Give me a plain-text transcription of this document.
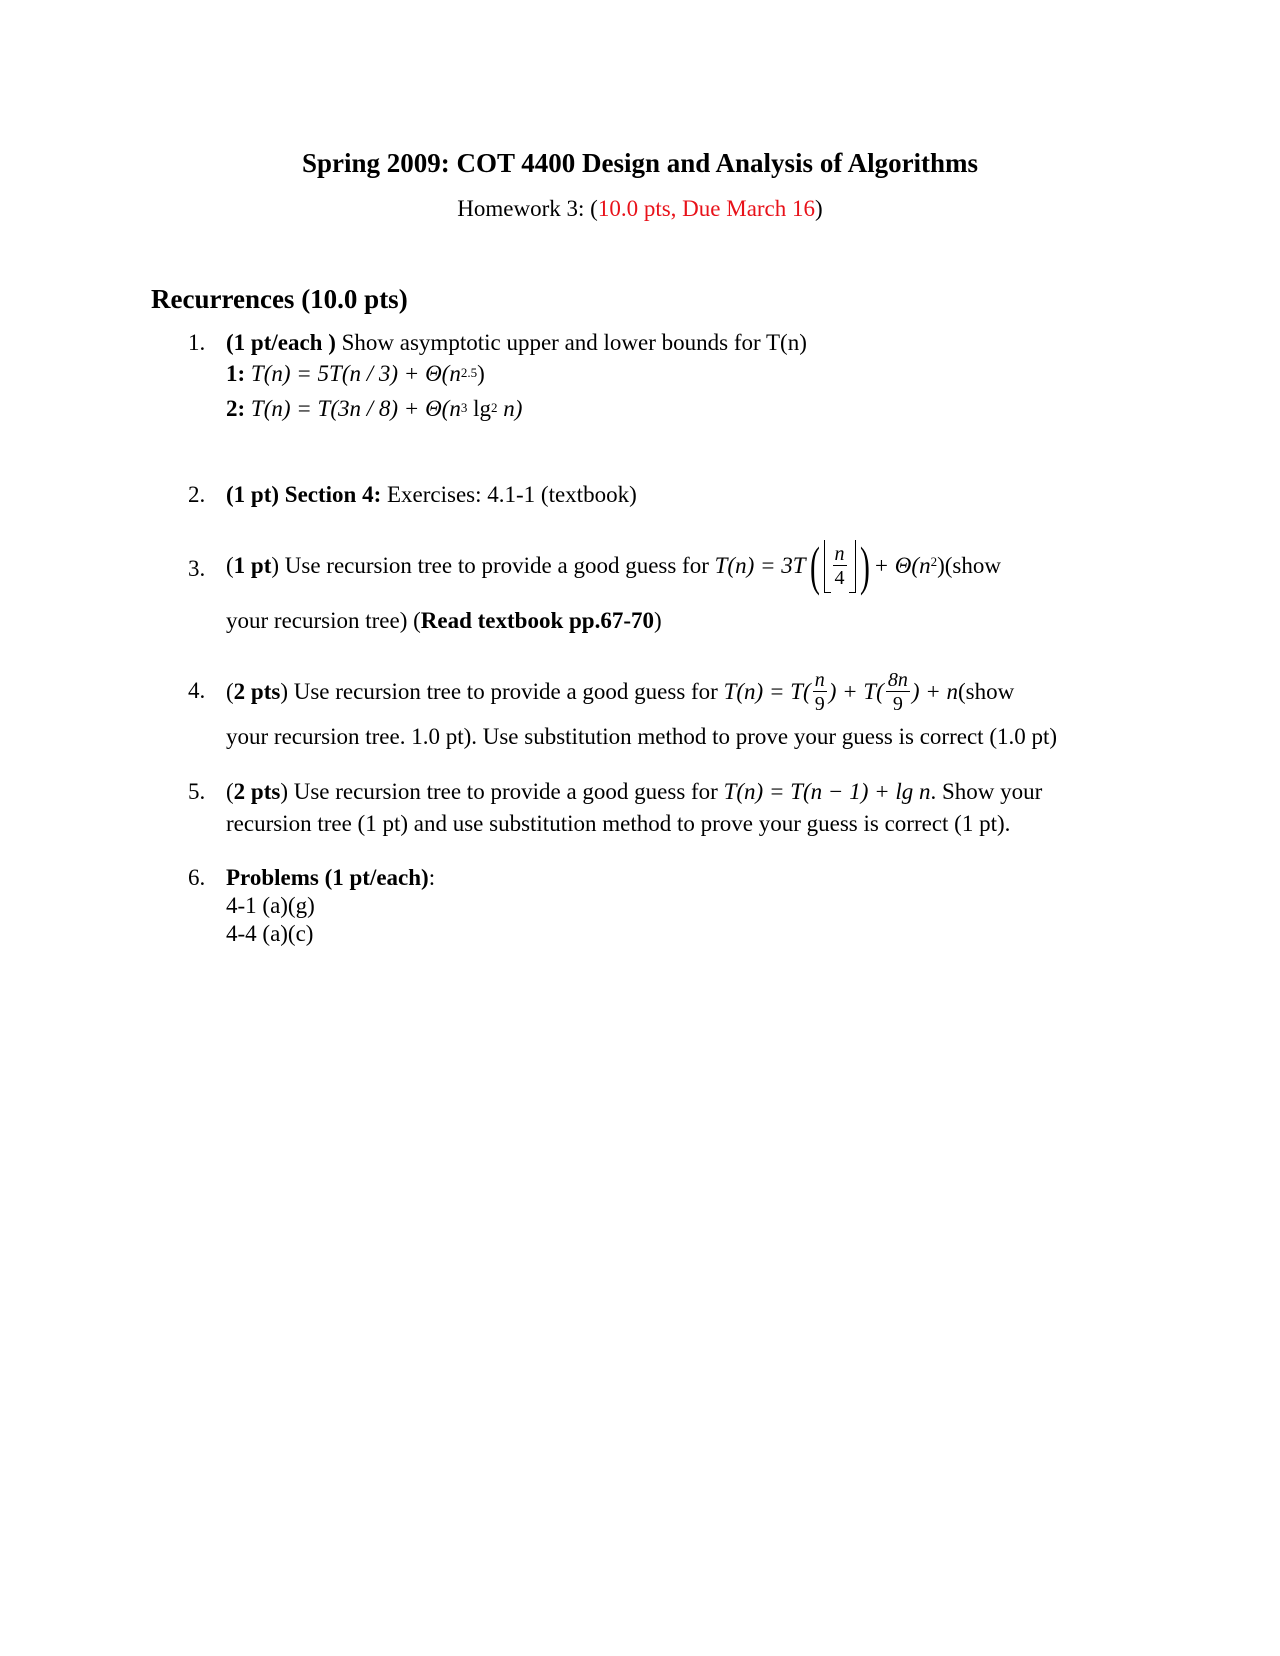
Spring 2009: COT 4400 Design and Analysis of Algorithms
Homework 3: (10.0 pts, Due March 16)
Recurrences (10.0 pts)
1. (1 pt/each ) Show asymptotic upper and lower bounds for T(n)
1: $T(n) = 5T(n / 3) + \Theta(n^{2.5})$
2: $T(n) = T(3n / 8) + \Theta(n^3$ $\lg^2 n$)
2. (1 pt) Section 4: Exercises: 4.1-1 (textbook)
3. ( 1 pt ) Use recursion tree to provide a good guess for
T(n) = 3T ( $\frac{n}{4}$ ) + $\Theta(n^2$ ) (show
your recursion tree) (Read textbook pp.67-70)
4. ( 2 pts ) Use recursion tree to provide a good guess for
$T(n) = T( \frac{n}{9}$ ) + $T( \frac{8n}{9}$ ) + n (show
your recursion tree. 1.0 pt). Use substitution method to prove your guess is correct (1.0 pt)
5. (2 pts) Use recursion tree to provide a good guess for T(n) = T(n − 1) + lg n. Show your
recursion tree (1 pt) and use substitution method to prove your guess is correct (1 pt).
6. Problems (1 pt/each):
4-1 (a)(g)
4-4 (a)(c)
